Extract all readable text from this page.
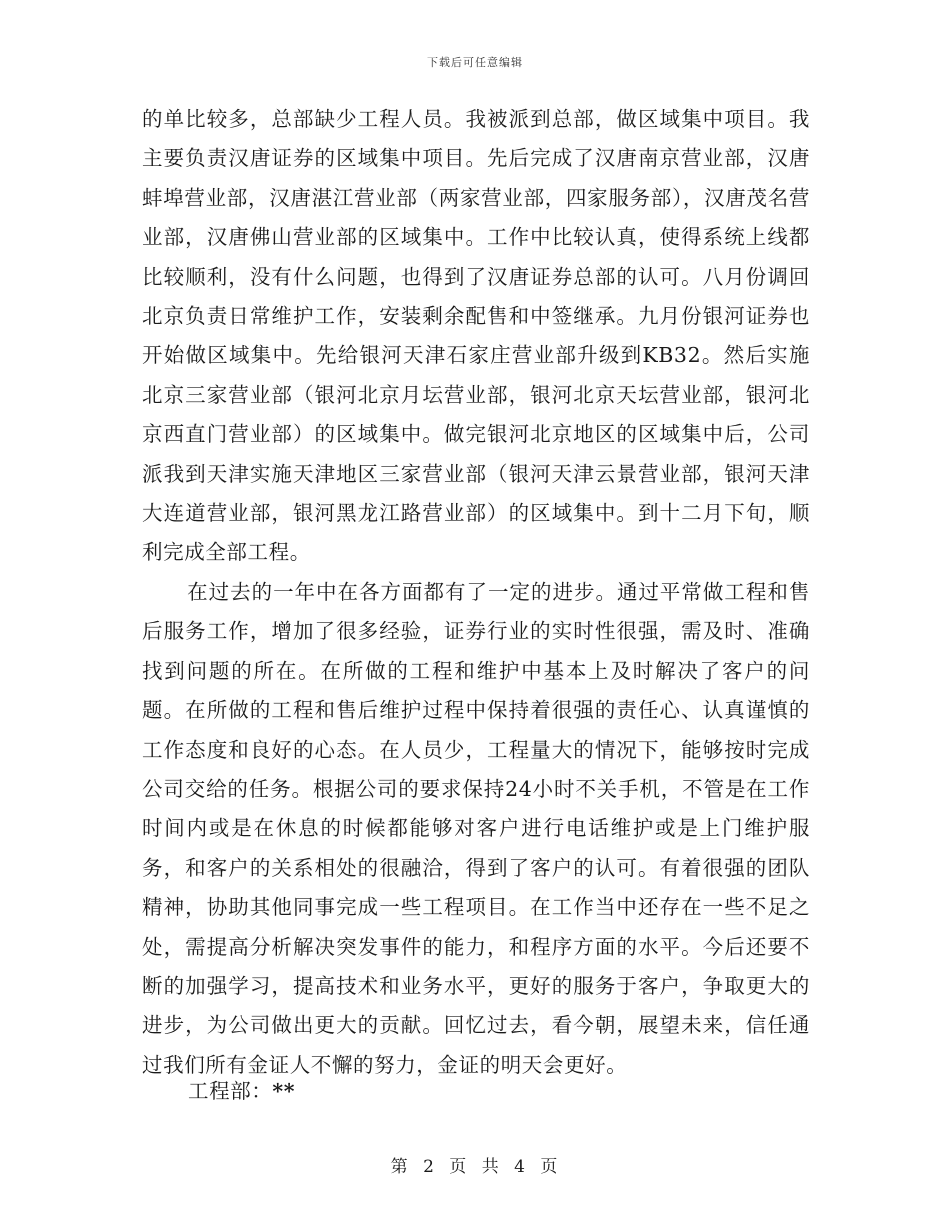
下载后可任意编辑

的单比较多，总部缺少工程人员。我被派到总部，做区域集中项目。我主要负责汉唐证券的区域集中项目。先后完成了汉唐南京营业部，汉唐蚌埠营业部，汉唐湛江营业部（两家营业部，四家服务部），汉唐茂名营业部，汉唐佛山营业部的区域集中。工作中比较认真，使得系统上线都比较顺利，没有什么问题，也得到了汉唐证券总部的认可。八月份调回北京负责日常维护工作，安装剩余配售和中签继承。九月份银河证券也开始做区域集中。先给银河天津石家庄营业部升级到KB32。然后实施北京三家营业部（银河北京月坛营业部，银河北京天坛营业部，银河北京西直门营业部）的区域集中。做完银河北京地区的区域集中后，公司派我到天津实施天津地区三家营业部（银河天津云景营业部，银河天津大连道营业部，银河黑龙江路营业部）的区域集中。到十二月下旬，顺利完成全部工程。

在过去的一年中在各方面都有了一定的进步。通过平常做工程和售后服务工作，增加了很多经验，证券行业的实时性很强，需及时、准确找到问题的所在。在所做的工程和维护中基本上及时解决了客户的问题。在所做的工程和售后维护过程中保持着很强的责任心、认真谨慎的工作态度和良好的心态。在人员少，工程量大的情况下，能够按时完成公司交给的任务。根据公司的要求保持24小时不关手机，不管是在工作时间内或是在休息的时候都能够对客户进行电话维护或是上门维护服务，和客户的关系相处的很融洽，得到了客户的认可。有着很强的团队精神，协助其他同事完成一些工程项目。在工作当中还存在一些不足之处，需提高分析解决突发事件的能力，和程序方面的水平。今后还要不断的加强学习，提高技术和业务水平，更好的服务于客户，争取更大的进步，为公司做出更大的贡献。回忆过去，看今朝，展望未来，信任通过我们所有金证人不懈的努力，金证的明天会更好。

工程部：**
第 2 页 共 4 页
